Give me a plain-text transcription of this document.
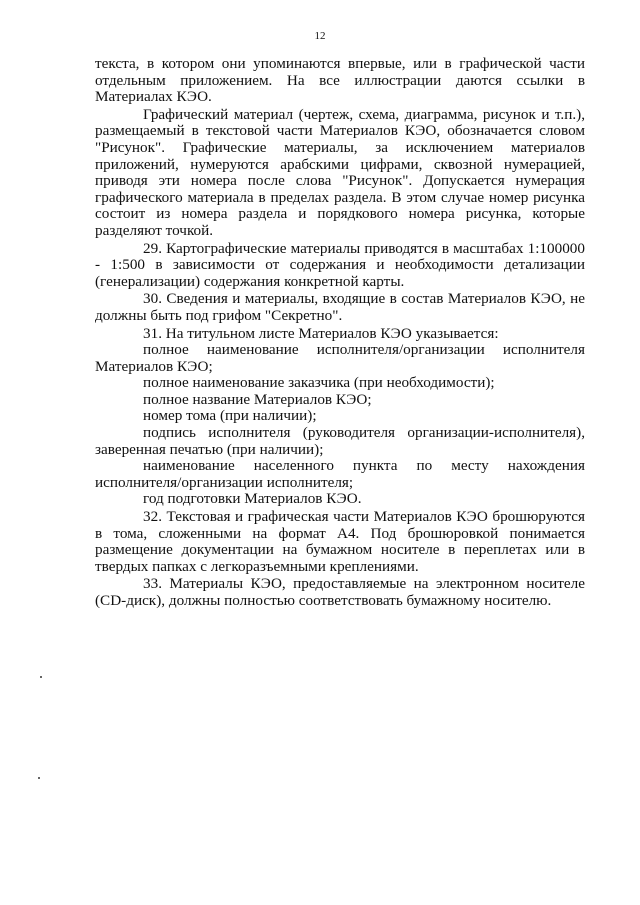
12

текста, в котором они упоминаются впервые, или в графической части отдельным приложением. На все иллюстрации даются ссылки в Материалах КЭО.

Графический материал (чертеж, схема, диаграмма, рисунок и т.п.), размещаемый в текстовой части Материалов КЭО, обозначается словом "Рисунок". Графические материалы, за исключением материалов приложений, нумеруются арабскими цифрами, сквозной нумерацией, приводя эти номера после слова "Рисунок". Допускается нумерация графического материала в пределах раздела. В этом случае номер рисунка состоит из номера раздела и порядкового номера рисунка, которые разделяют точкой.

29. Картографические материалы приводятся в масштабах 1:100000 - 1:500 в зависимости от содержания и необходимости детализации (генерализации) содержания конкретной карты.

30. Сведения и материалы, входящие в состав Материалов КЭО, не должны быть под грифом "Секретно".

31. На титульном листе Материалов КЭО указывается:

полное наименование исполнителя/организации исполнителя Материалов КЭО;

полное наименование заказчика (при необходимости);

полное название Материалов КЭО;

номер тома (при наличии);

подпись исполнителя (руководителя организации-исполнителя), заверенная печатью (при наличии);

наименование населенного пункта по месту нахождения исполнителя/организации исполнителя;

год подготовки Материалов КЭО.

32. Текстовая и графическая части Материалов КЭО брошюруются в тома, сложенными на формат А4. Под брошюровкой понимается размещение документации на бумажном носителе в переплетах или в твердых папках с легкоразъемными креплениями.

33. Материалы КЭО, предоставляемые на электронном носителе (CD-диск), должны полностью соответствовать бумажному носителю.
